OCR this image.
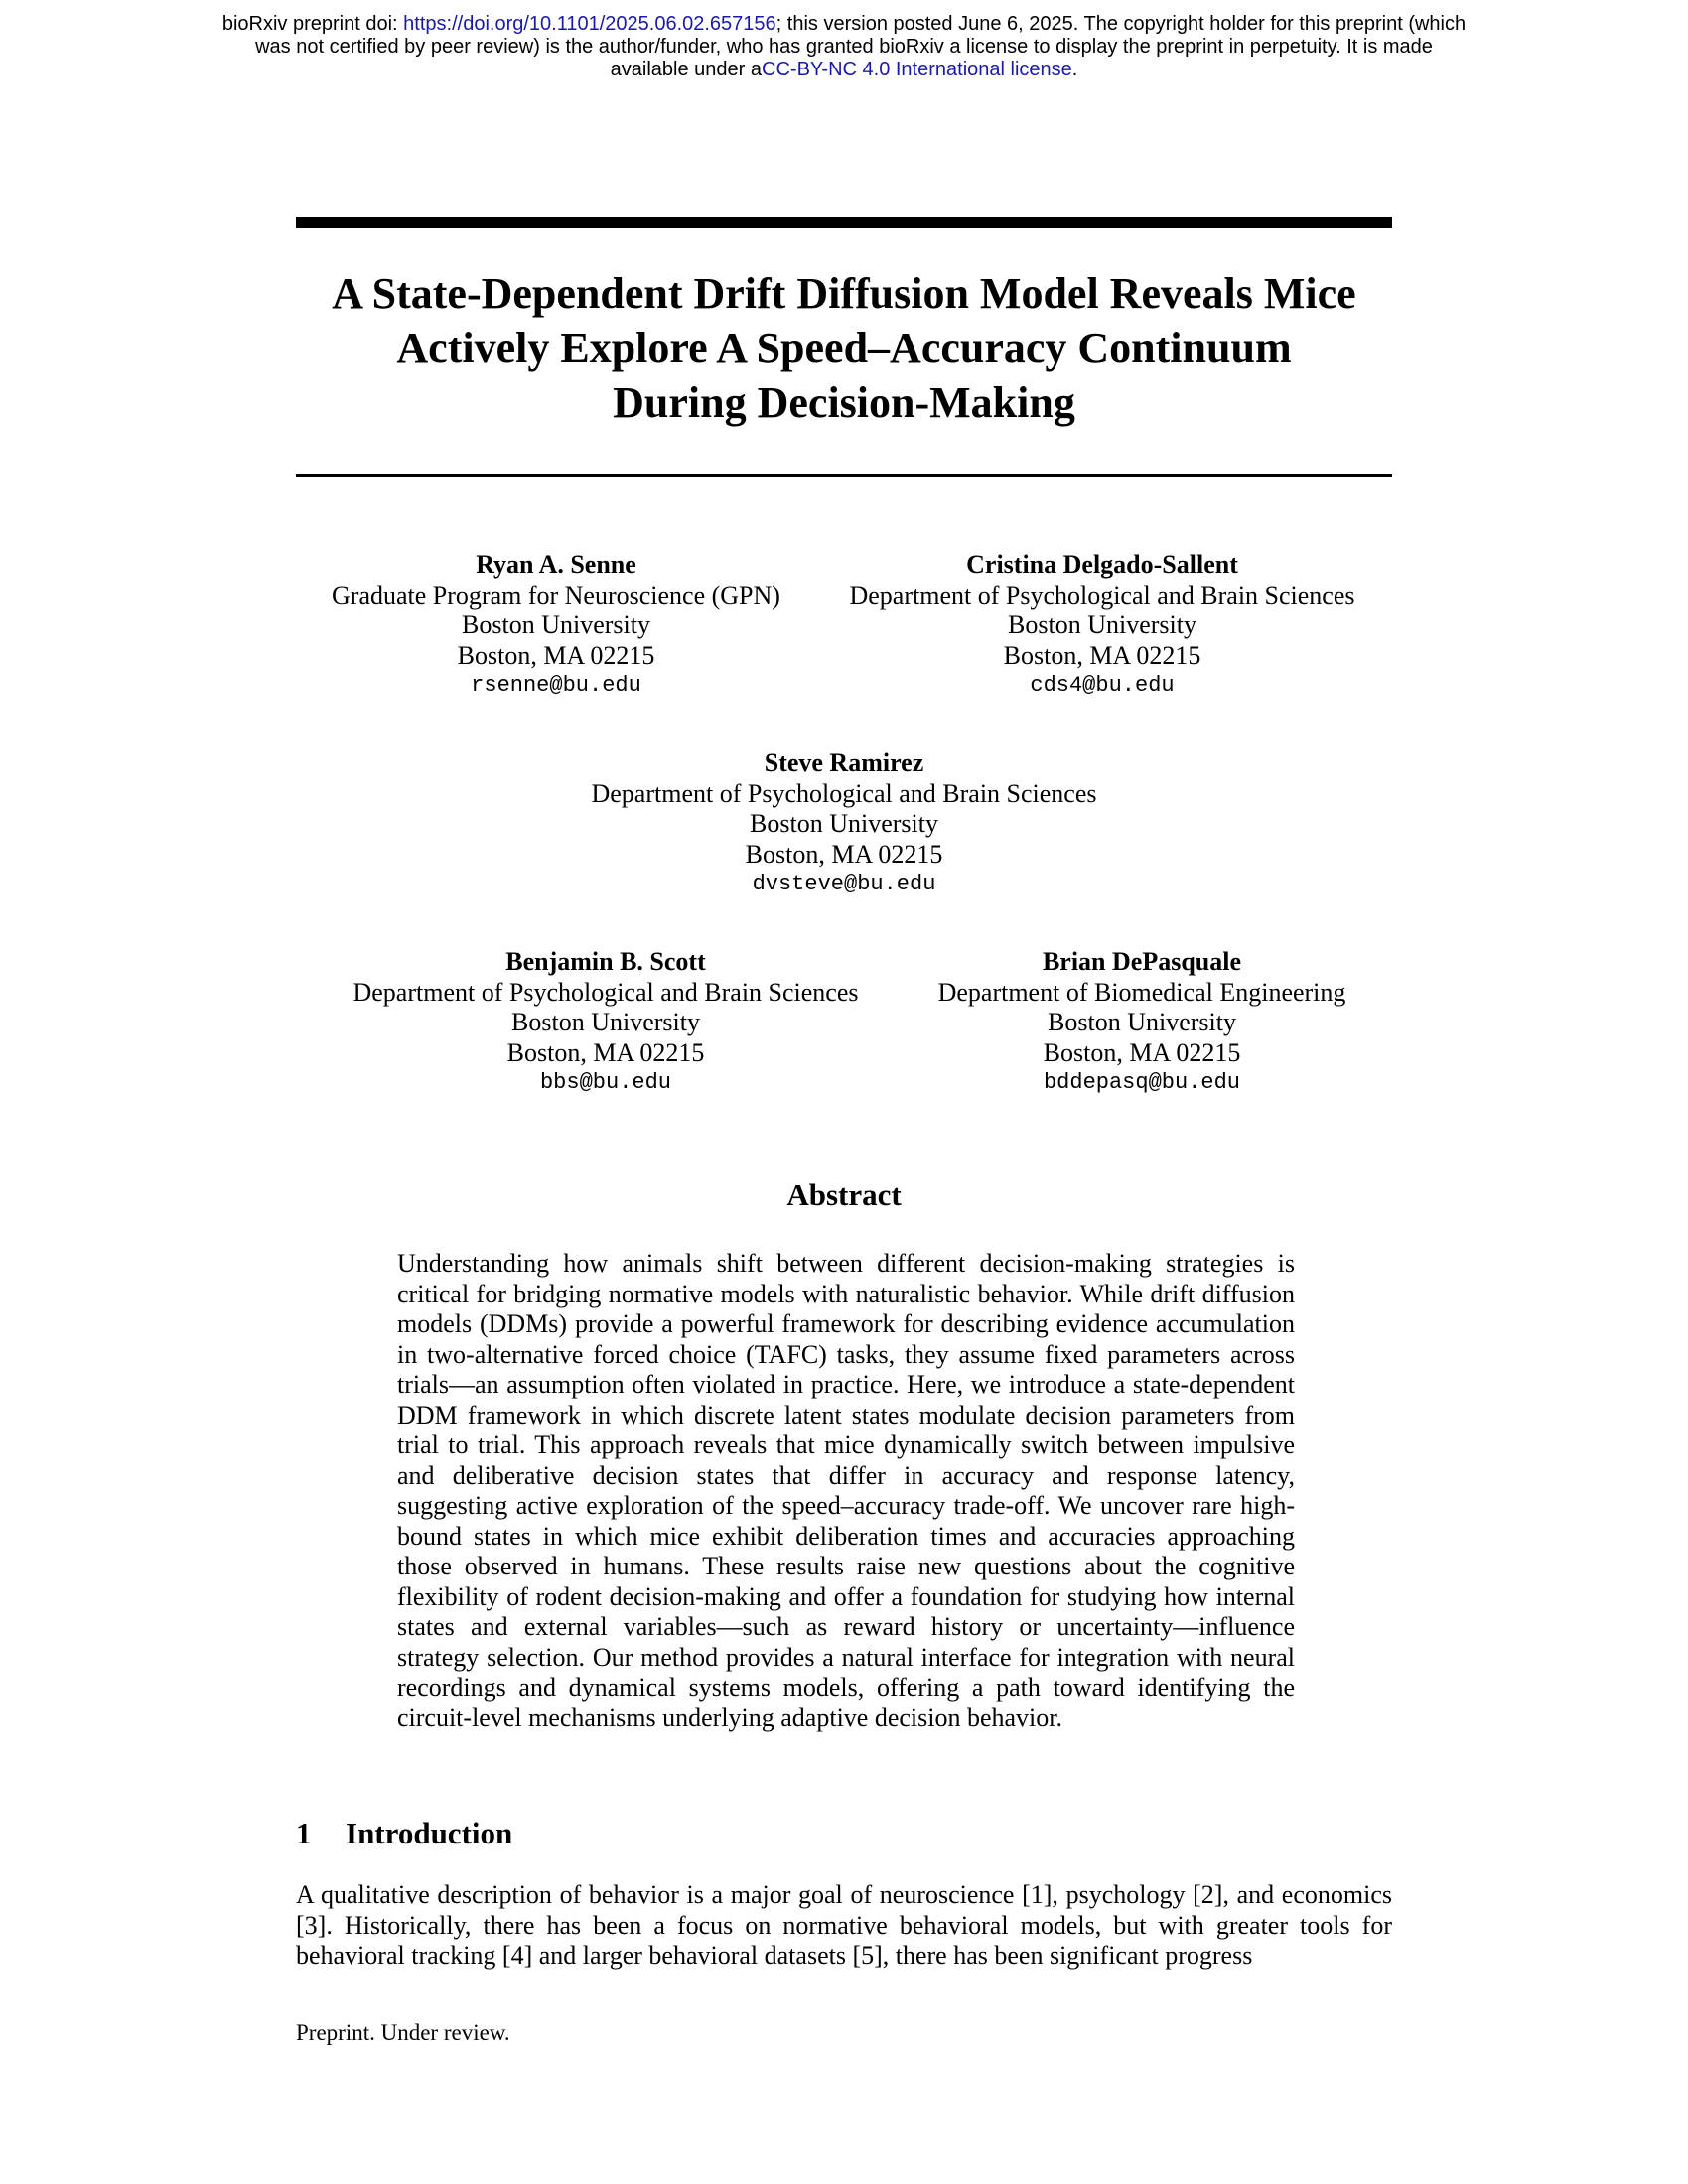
bioRxiv preprint doi: https://doi.org/10.1101/2025.06.02.657156; this version posted June 6, 2025. The copyright holder for this preprint (which
was not certified by peer review) is the author/funder, who has granted bioRxiv a license to display the preprint in perpetuity. It is made
available under aCC-BY-NC 4.0 International license.
A State-Dependent Drift Diffusion Model Reveals Mice
Actively Explore A Speed–Accuracy Continuum
During Decision-Making
Ryan A. Senne
Graduate Program for Neuroscience (GPN)
Boston University
Boston, MA 02215
rsenne@bu.edu
Cristina Delgado-Sallent
Department of Psychological and Brain Sciences
Boston University
Boston, MA 02215
cds4@bu.edu
Steve Ramirez
Department of Psychological and Brain Sciences
Boston University
Boston, MA 02215
dvsteve@bu.edu
Benjamin B. Scott
Department of Psychological and Brain Sciences
Boston University
Boston, MA 02215
bbs@bu.edu
Brian DePasquale
Department of Biomedical Engineering
Boston University
Boston, MA 02215
bddepasq@bu.edu
Abstract

Understanding how animals shift between different decision-making strategies is critical for bridging normative models with naturalistic behavior. While drift diffusion models (DDMs) provide a powerful framework for describing evidence accumulation in two-alternative forced choice (TAFC) tasks, they assume fixed parameters across trials—an assumption often violated in practice. Here, we introduce a state-dependent DDM framework in which discrete latent states modulate decision parameters from trial to trial. This approach reveals that mice dynamically switch between impulsive and deliberative decision states that differ in accuracy and response latency, suggesting active exploration of the speed–accuracy trade-off. We uncover rare high-bound states in which mice exhibit deliberation times and accuracies approaching those observed in humans. These results raise new questions about the cognitive flexibility of rodent decision-making and offer a foundation for studying how internal states and external variables—such as reward history or uncertainty—influence strategy selection. Our method provides a natural interface for integration with neural recordings and dynamical systems models, offering a path toward identifying the circuit-level mechanisms underlying adaptive decision behavior.

1 Introduction

A qualitative description of behavior is a major goal of neuroscience [1], psychology [2], and economics [3]. Historically, there has been a focus on normative behavioral models, but with greater tools for behavioral tracking [4] and larger behavioral datasets [5], there has been significant progress

Preprint. Under review.
